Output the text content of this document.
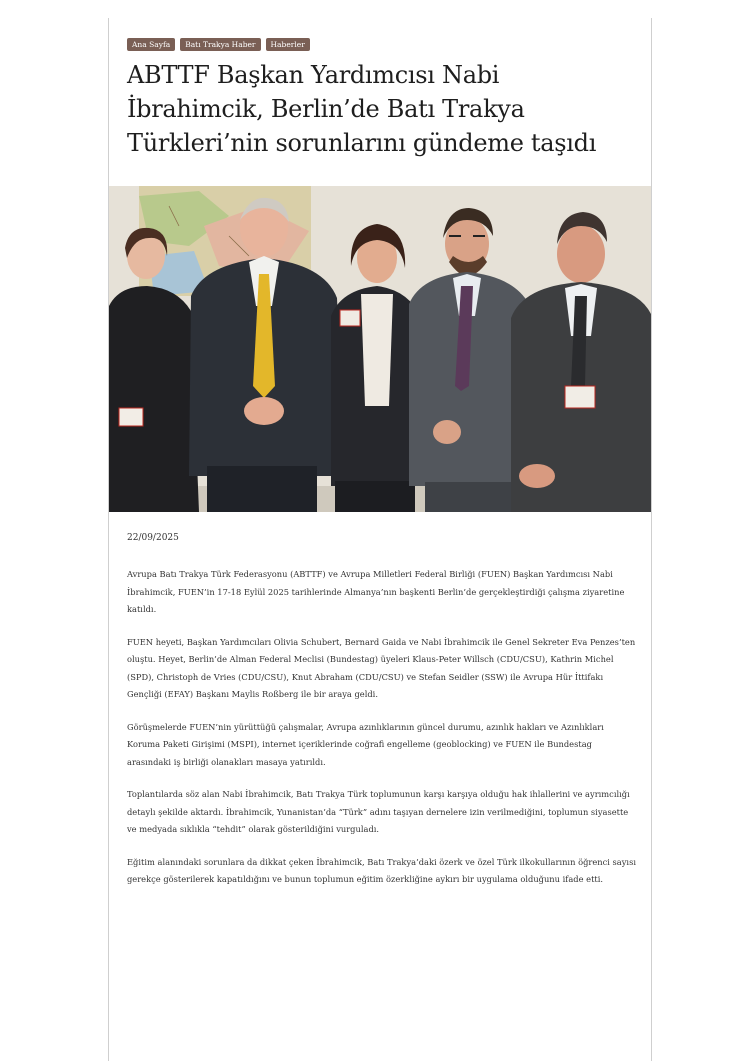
Ana Sayfa	Batı Trakya Haber	Haberler
ABTTF Başkan Yardımcısı Nabi İbrahimcik, Berlin’de Batı Trakya Türkleri’nin sorunlarını gündeme taşıdı
22/09/2025

Avrupa Batı Trakya Türk Federasyonu (ABTTF) ve Avrupa Milletleri Federal Birliği (FUEN) Başkan Yardımcısı Nabi İbrahimcik, FUEN’in 17-18 Eylül 2025 tarihlerinde Almanya’nın başkenti Berlin’de gerçekleştirdiği çalışma ziyaretine katıldı.

FUEN heyeti, Başkan Yardımcıları Olivia Schubert, Bernard Gaida ve Nabi İbrahimcik ile Genel Sekreter Eva Penzes’ten oluştu. Heyet, Berlin’de Alman Federal Meclisi (Bundestag) üyeleri Klaus-Peter Willsch (CDU/CSU), Kathrin Michel (SPD), Christoph de Vries (CDU/CSU), Knut Abraham (CDU/CSU) ve Stefan Seidler (SSW) ile Avrupa Hür İttifakı Gençliği (EFAY) Başkanı Maylis Roßberg ile bir araya geldi.

Görüşmelerde FUEN’nin yürüttüğü çalışmalar, Avrupa azınlıklarının güncel durumu, azınlık hakları ve Azınlıkları Koruma Paketi Girişimi (MSPI), internet içeriklerinde coğrafi engelleme (geoblocking) ve FUEN ile Bundestag arasındaki iş birliği olanakları masaya yatırıldı.

Toplantılarda söz alan Nabi İbrahimcik, Batı Trakya Türk toplumunun karşı karşıya olduğu hak ihlallerini ve ayrımcılığı detaylı şekilde aktardı. İbrahimcik, Yunanistan’da “Türk” adını taşıyan dernelere izin verilmediğini, toplumun siyasette ve medyada sıklıkla “tehdit” olarak gösterildiğini vurguladı.

Eğitim alanındaki sorunlara da dikkat çeken İbrahimcik, Batı Trakya’daki özerk ve özel Türk ilkokullarının öğrenci sayısı gerekçe gösterilerek kapatıldığını ve bunun toplumun eğitim özerkliğine aykırı bir uygulama olduğunu ifade etti.
